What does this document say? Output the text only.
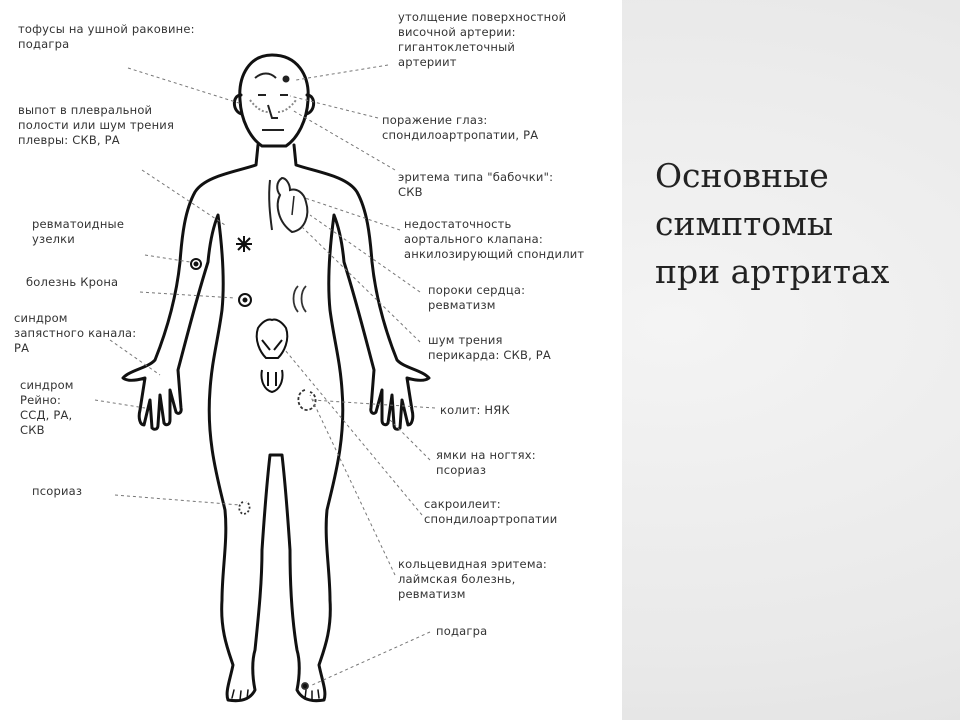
тофусы на ушной раковине:
подагра
выпот в плевральной
полости или шум трения
плевры: СКВ, РА
ревматоидные
узелки
болезнь Крона
синдром
запястного канала:
РА
синдром
Рейно:
ССД, РА,
СКВ
псориаз
утолщение поверхностной
височной артерии:
гигантоклеточный
артериит
поражение глаз:
спондилоартропатии, РА
эритема типа "бабочки":
СКВ
недостаточность
аортального клапана:
анкилозирующий спондилит
пороки сердца:
ревматизм
шум трения
перикарда: СКВ, РА
колит: НЯК
ямки на ногтях:
псориаз
сакроилеит:
спондилоартропатии
кольцевидная эритема:
лаймская болезнь,
ревматизм
подагра
Основные
симптомы
при артритах
